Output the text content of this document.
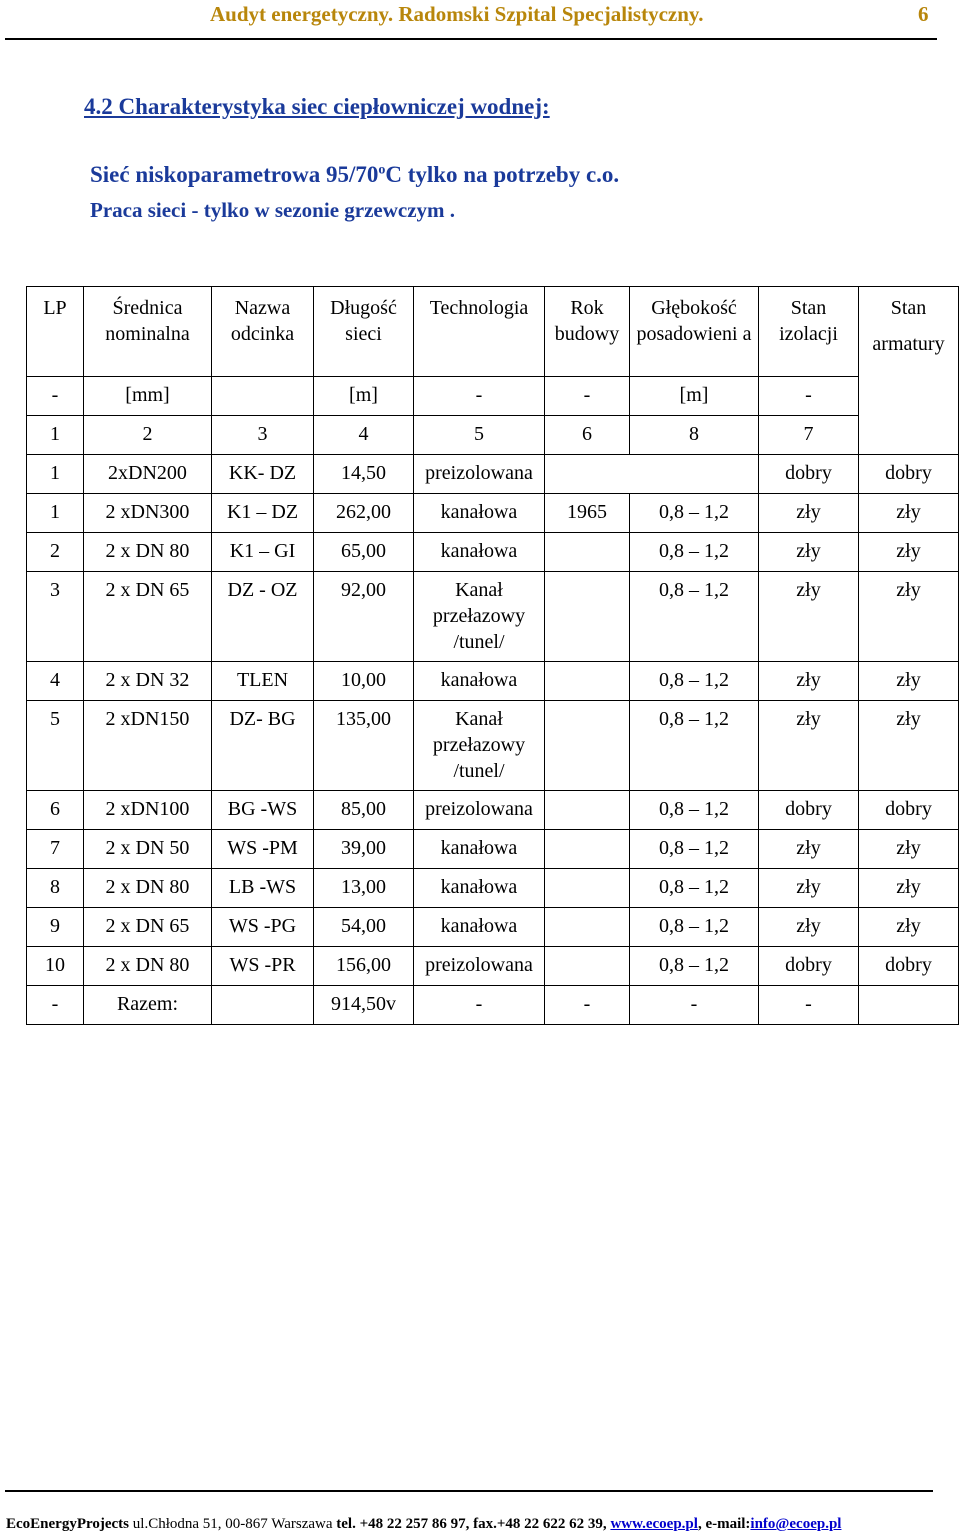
Audyt energetyczny. Radomski Szpital Specjalistyczny.	6
4.2 Charakterystyka siec ciepłowniczej wodnej:
Sieć niskoparametrowa 95/70$^o$C tylko na potrzeby c.o.
Praca sieci - tylko w sezonie grzewczym .
LP	Średnica nominalna	Nazwa odcinka	Długość sieci	Technologia	Rok budowy	Głębokość posadowieni a	Stan izolacji	Stan
armatury

-	[mm]		[m]	-	-	[m]	-	
1	2	3	4	5	6	8	7	
1	2xDN200	KK- DZ	14,50	preizolowana			dobry	dobry
1	2 xDN300	K1 – DZ	262,00	kanałowa	1965	0,8 – 1,2	zły	zły
2	2 x DN 80	K1 – GI	65,00	kanałowa		0,8 – 1,2	zły	zły
3	2 x DN 65	DZ - OZ	92,00	Kanał przełazowy /tunel/		0,8 – 1,2	zły	zły
4	2 x DN 32	TLEN	10,00	kanałowa		0,8 – 1,2	zły	zły
5	2 xDN150	DZ- BG	135,00	Kanał przełazowy /tunel/		0,8 – 1,2	zły	zły
6	2 xDN100	BG -WS	85,00	preizolowana		0,8 – 1,2	dobry	dobry
7	2 x DN 50	WS -PM	39,00	kanałowa		0,8 – 1,2	zły	zły
8	2 x DN 80	LB -WS	13,00	kanałowa		0,8 – 1,2	zły	zły
9	2 x DN 65	WS -PG	54,00	kanałowa		0,8 – 1,2	zły	zły
10	2 x DN 80	WS -PR	156,00	preizolowana		0,8 – 1,2	dobry	dobry
-	Razem:		914,50v	-	-	-	-	
EcoEnergyProjects ul.Chłodna 51, 00-867 Warszawa tel. +48 22 257 86 97, fax.+48 22 622 62 39, www.ecoep.pl, e-mail:info@ecoep.pl
